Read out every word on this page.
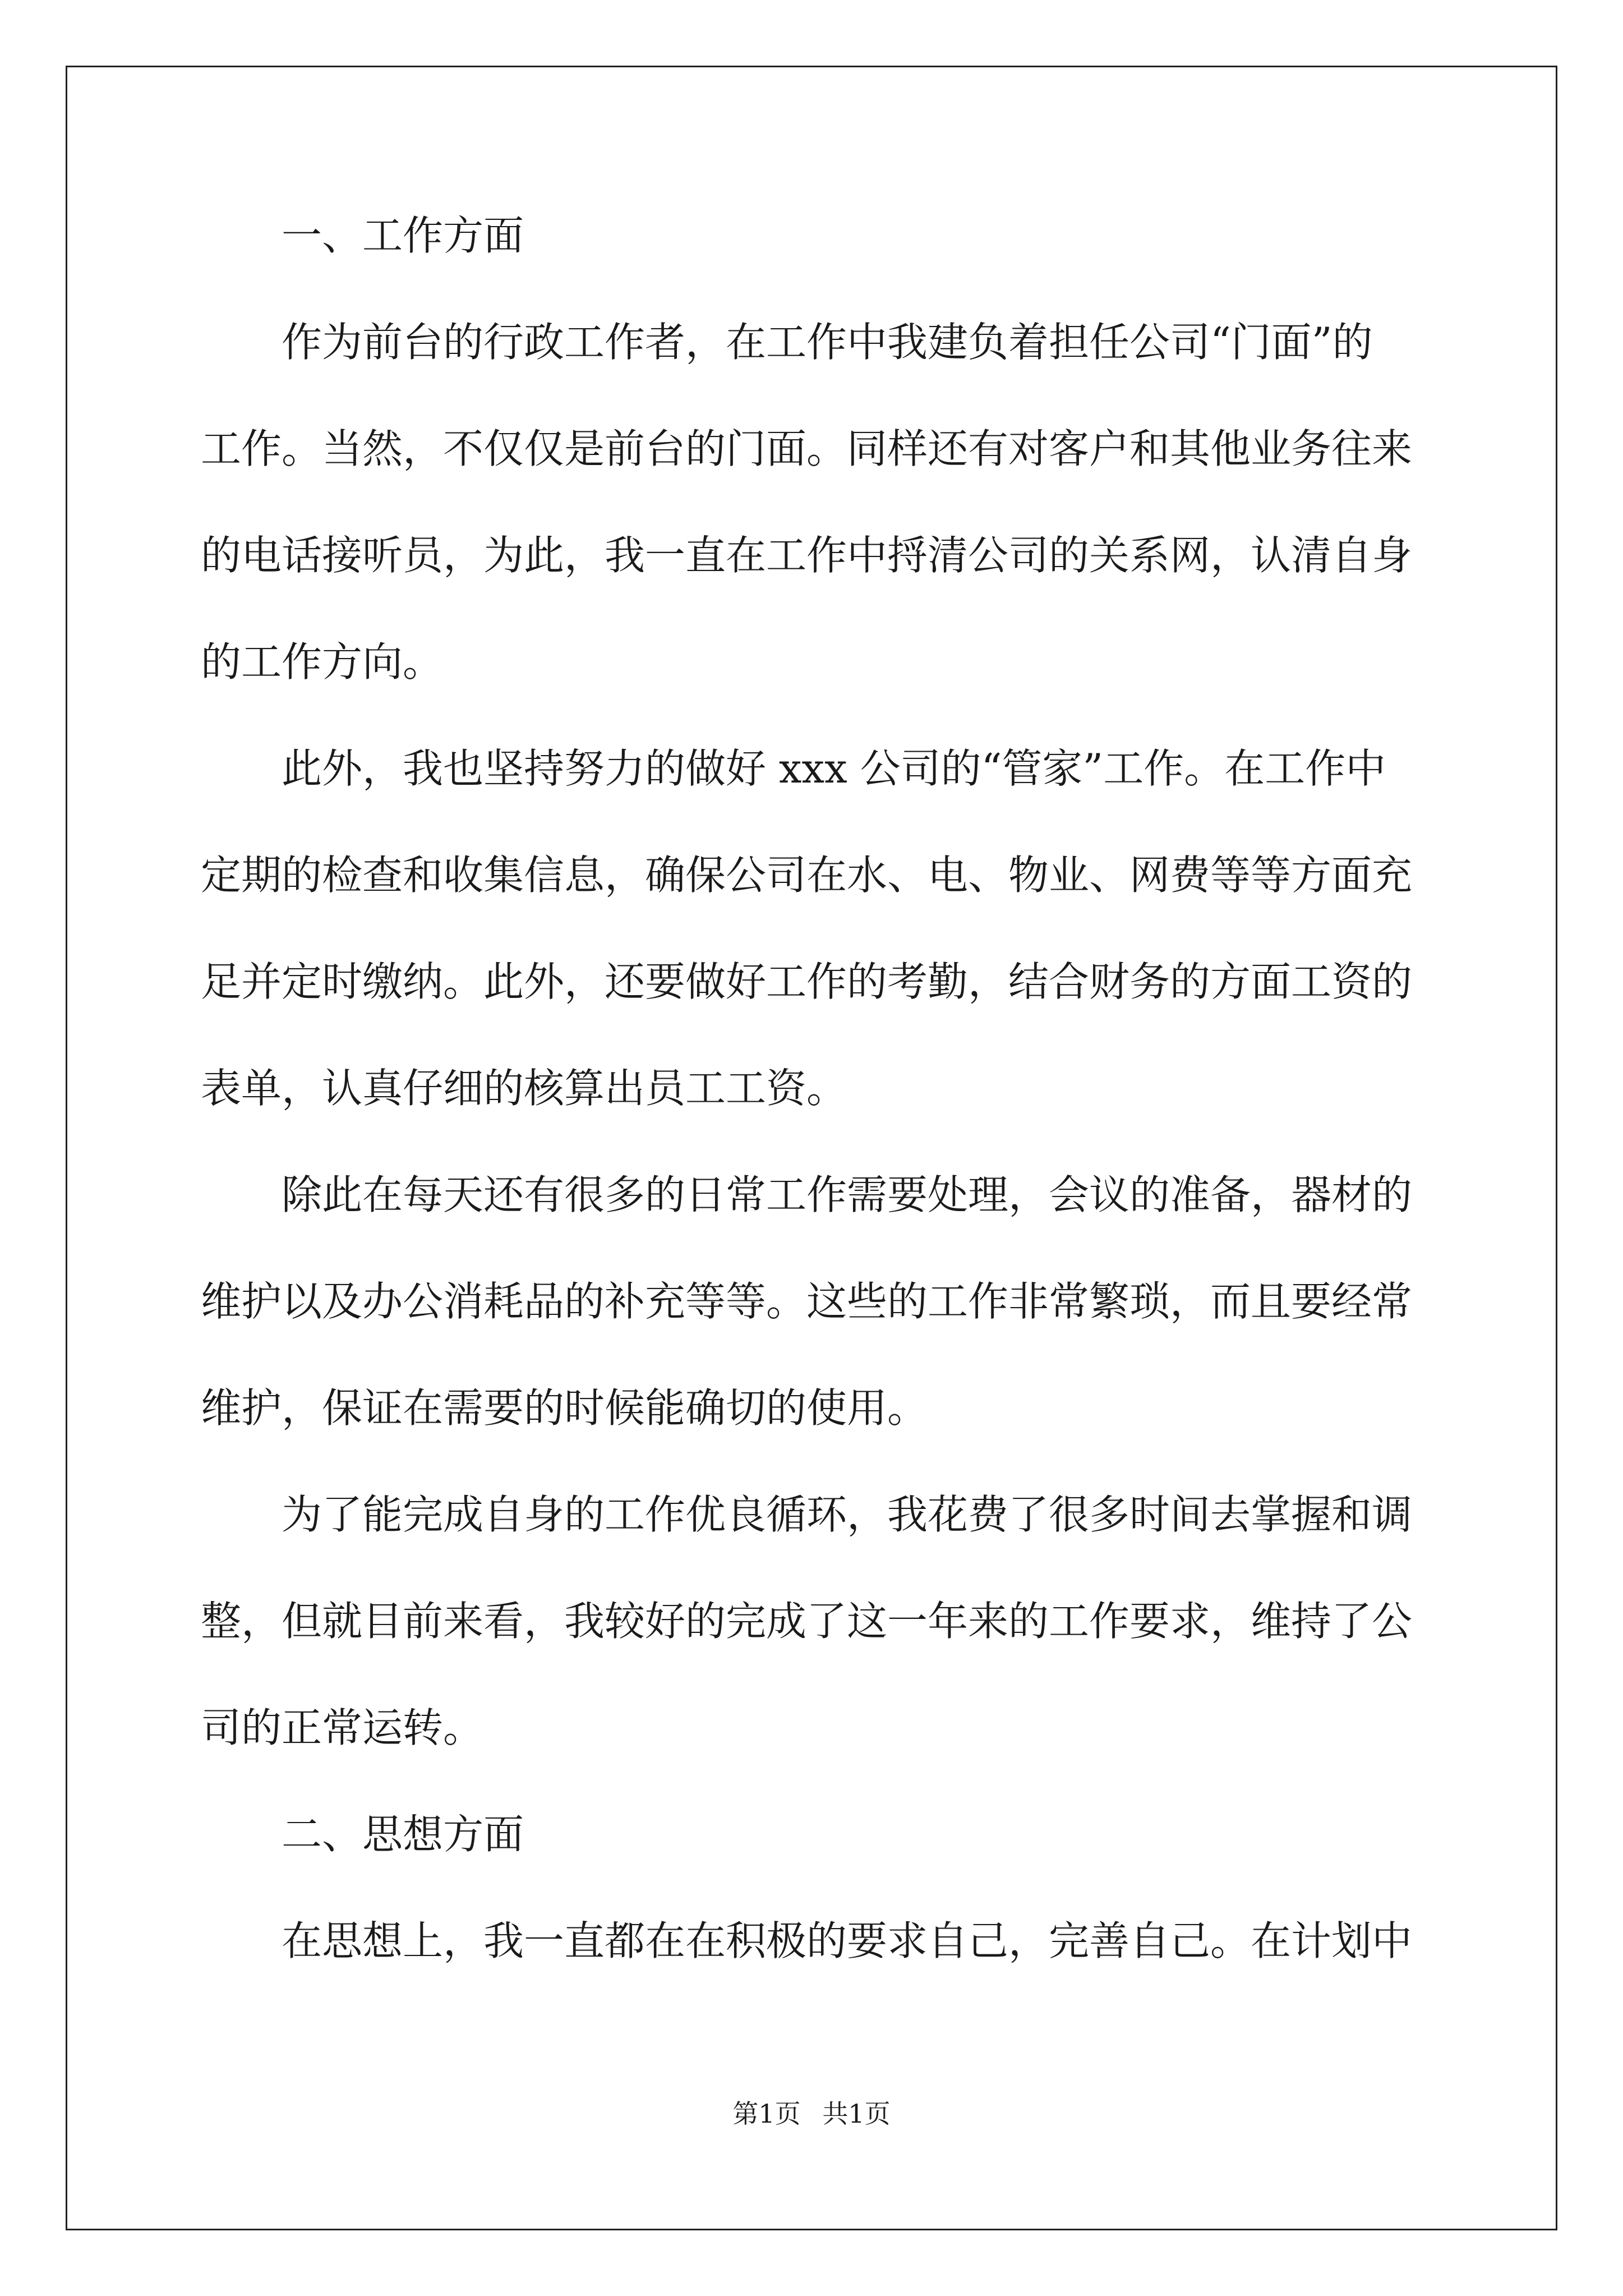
　　一、工作方面
　　作为前台的行政工作者，在工作中我建负着担任公司“门面”的
工作。当然，不仅仅是前台的门面。同样还有对客户和其他业务往来
的电话接听员，为此，我一直在工作中捋清公司的关系网，认清自身
的工作方向。
　　此外，我也坚持努力的做好 xxx 公司的“管家”工作。在工作中
定期的检查和收集信息，确保公司在水、电、物业、网费等等方面充
足并定时缴纳。此外，还要做好工作的考勤，结合财务的方面工资的
表单，认真仔细的核算出员工工资。
　　除此在每天还有很多的日常工作需要处理，会议的准备，器材的
维护以及办公消耗品的补充等等。这些的工作非常繁琐，而且要经常
维护，保证在需要的时候能确切的使用。
　　为了能完成自身的工作优良循环，我花费了很多时间去掌握和调
整，但就目前来看，我较好的完成了这一年来的工作要求，维持了公
司的正常运转。
　　二、思想方面
　　在思想上，我一直都在在积极的要求自己，完善自己。在计划中
第1页 共1页
